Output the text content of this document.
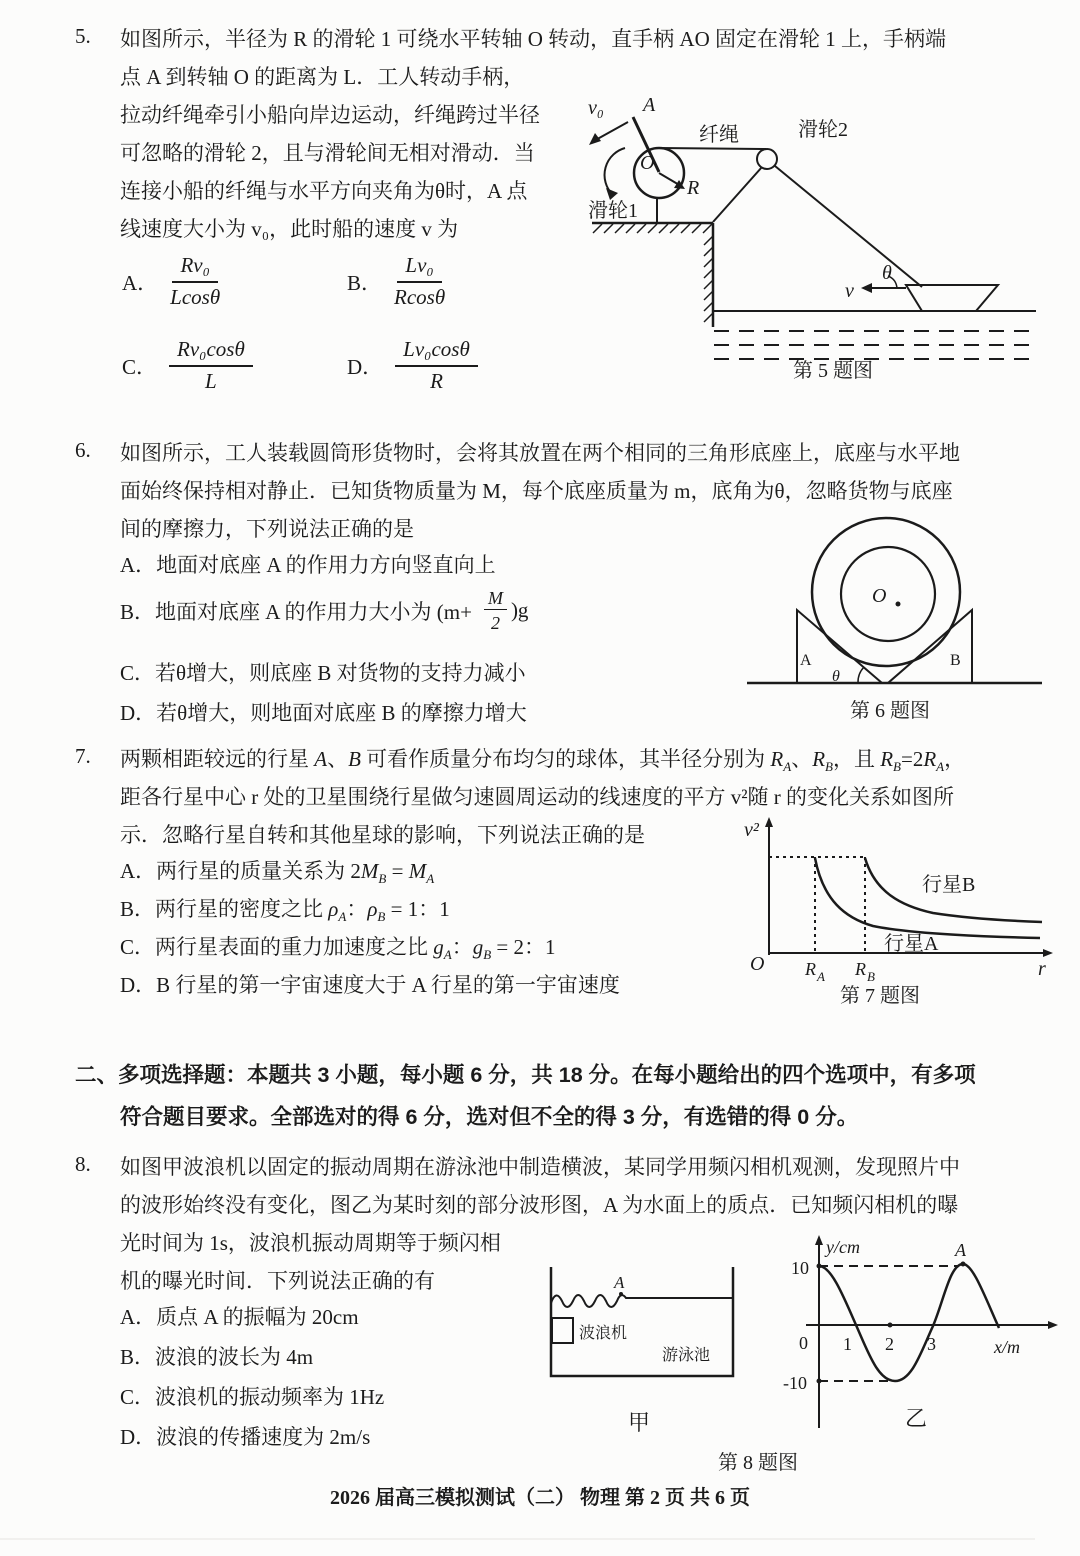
5. 如图所示，半径为 R 的滑轮 1 可绕水平转轴 O 转动，直手柄 AO 固定在滑轮 1 上，手柄端
点 A 到转轴 O 的距离为 L．工人转动手柄，
拉动纤绳牵引小船向岸边运动，纤绳跨过半径
可忽略的滑轮 2，且与滑轮间无相对滑动．当
连接小船的纤绳与水平方向夹角为θ时，A 点
线速度大小为 v₀，此时船的速度 v 为
A． $\frac{\text{Rv₀}}{Lcos\theta}$	B． $\frac{\text{Lv₀}}{Rcos\theta}$
C． $\frac{\text{Rv₀cosθ}}{L}$	D． $\frac{\text{Lv₀cosθ}}{R}$
v₀ A
O
R
滑轮1
纤绳	滑轮2
v
θ
第 5 题图
6. 如图所示，工人装载圆筒形货物时，会将其放置在两个相同的三角形底座上，底座与水平地
面始终保持相对静止．已知货物质量为 M，每个底座质量为 m，底角为θ，忽略货物与底座
间的摩擦力，下列说法正确的是
A．地面对底座 A 的作用力方向竖直向上
B．地面对底座 A 的作用力大小为 $(m+ \frac{M}{2} )g$
C．若θ增大，则底座 B 对货物的支持力减小
D．若θ增大，则地面对底座 B 的摩擦力增大
O
A	B
θ
第 6 题图
7. 两颗相距较远的行星 A、B 可看作质量分布均匀的球体，其半径分别为 $R_A$、$R_B$，且 $R_B=2R_A$，
距各行星中心 r 处的卫星围绕行星做匀速圆周运动的线速度的平方 v²随 r 的变化关系如图所
示．忽略行星自转和其他星球的影响，下列说法正确的是
A．两行星的质量关系为 $2M_B = M_A$
B．两行星的密度之比 $\rho_A$：$\rho_B = 1$：1
C．两行星表面的重力加速度之比 $g_A$：$g_B = 2$：1
D．B 行星的第一宇宙速度大于 A 行星的第一宇宙速度
v²
O
行星B
行星A
R A R B	r
第 7 题图
二、多项选择题：本题共 3 小题，每小题 6 分，共 18 分。在每小题给出的四个选项中，有多项
符合题目要求。全部选对的得 6 分，选对但不全的得 3 分，有选错的得 0 分。
8. 如图甲波浪机以固定的振动周期在游泳池中制造横波，某同学用频闪相机观测，发现照片中
的波形始终没有变化，图乙为某时刻的部分波形图，A 为水面上的质点．已知频闪相机的曝
光时间为 1s，波浪机振动周期等于频闪相
机的曝光时间．下列说法正确的有
A．质点 A 的振幅为 20cm
B．波浪的波长为 4m
C．波浪机的振动频率为 1Hz
D．波浪的传播速度为 2m/s
A
波浪机
游泳池
y/cm
10
0
-10
1 2 3	x/m
A
甲	乙
第 8 题图
2026 届高三模拟测试（二） 物理 第 2 页 共 6 页
